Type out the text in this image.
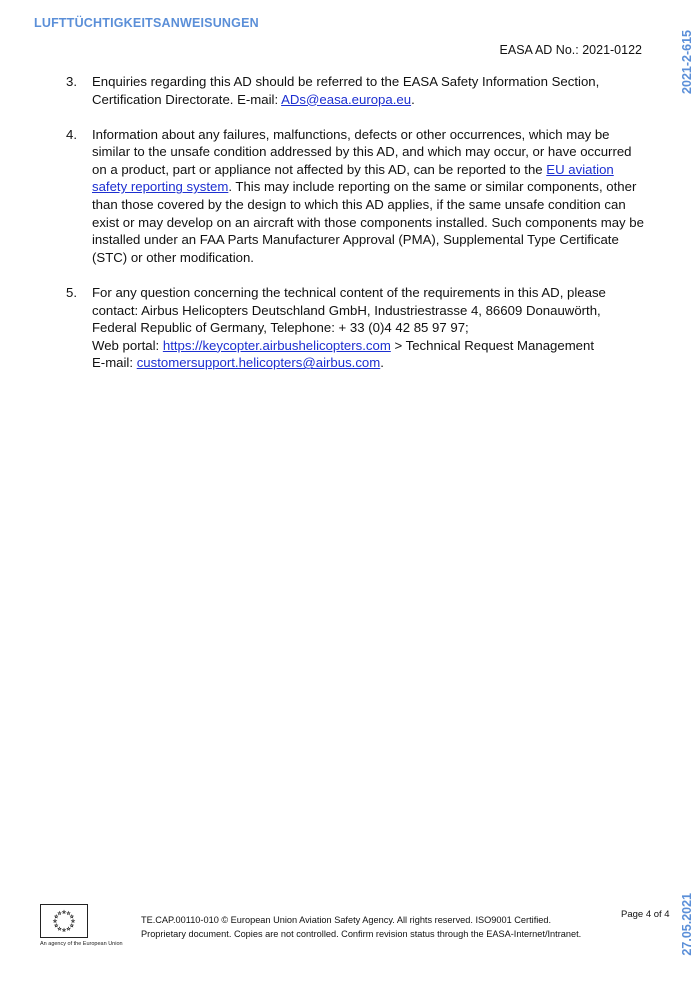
LUFTTÜCHTIGKEITSANWEISUNGEN
2021-2-615
27.05.2021
EASA AD No.: 2021-0122
3.	Enquiries regarding this AD should be referred to the EASA Safety Information Section, Certification Directorate. E-mail: ADs@easa.europa.eu.
4.	Information about any failures, malfunctions, defects or other occurrences, which may be similar to the unsafe condition addressed by this AD, and which may occur, or have occurred on a product, part or appliance not affected by this AD, can be reported to the EU aviation safety reporting system. This may include reporting on the same or similar components, other than those covered by the design to which this AD applies, if the same unsafe condition can exist or may develop on an aircraft with those components installed. Such components may be installed under an FAA Parts Manufacturer Approval (PMA), Supplemental Type Certificate (STC) or other modification.
5.	For any question concerning the technical content of the requirements in this AD, please contact: Airbus Helicopters Deutschland GmbH, Industriestrasse 4, 86609 Donauwörth, Federal Republic of Germany, Telephone: + 33 (0)4 42 85 97 97;
Web portal: https://keycopter.airbushelicopters.com > Technical Request Management
E-mail: customersupport.helicopters@airbus.com.
An agency of the European Union
TE.CAP.00110-010 © European Union Aviation Safety Agency. All rights reserved. ISO9001 Certified.
Proprietary document. Copies are not controlled. Confirm revision status through the EASA-Internet/Intranet.
Page 4 of 4
